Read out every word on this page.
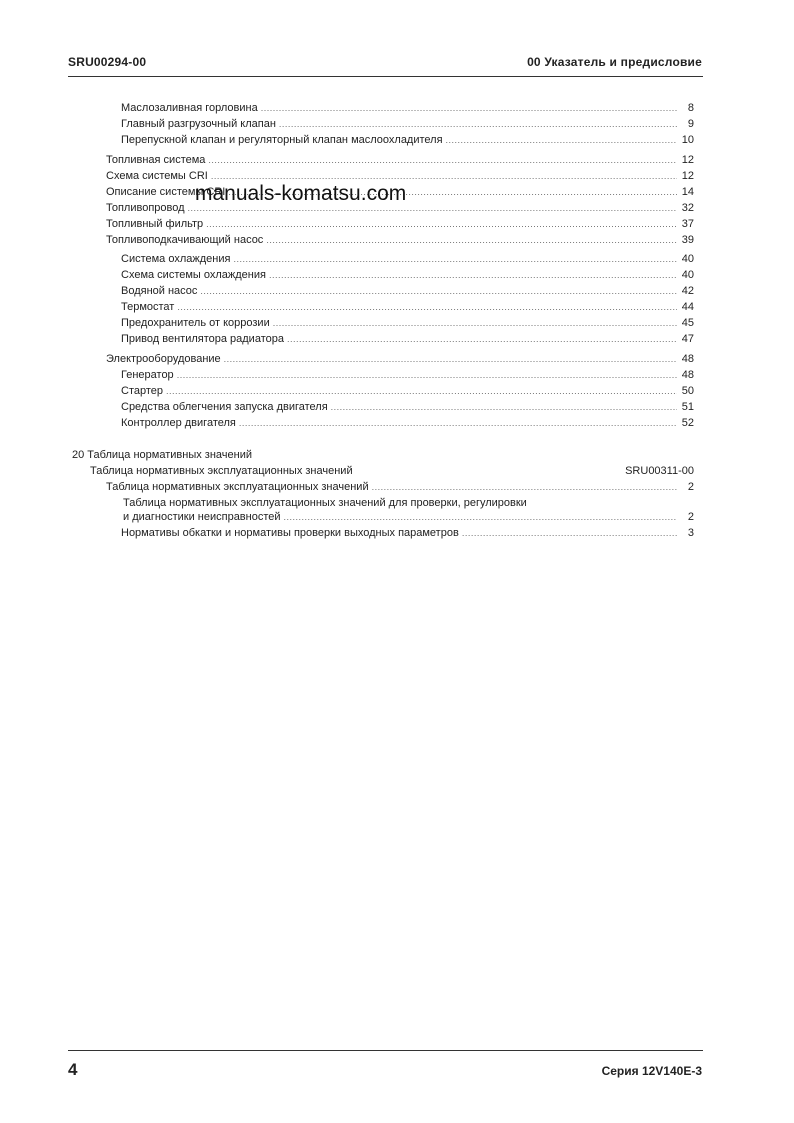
SRU00294-00	00 Указатель и предисловие
Маслозаливная горловина .....	8
Главный разгрузочный клапан .....	9
Перепускной клапан и регуляторный клапан маслоохладителя .....	10
Топливная система .....	12
Схема системы CRI .....	12
Описание системы CRI .....	14
Топливопровод .....	32
Топливный фильтр .....	37
Топливоподкачивающий насос .....	39
Система охлаждения .....	40
Схема системы охлаждения .....	40
Водяной насос .....	42
Термостат .....	44
Предохранитель от коррозии .....	45
Привод вентилятора радиатора .....	47
Электрооборудование .....	48
Генератор .....	48
Стартер .....	50
Средства облегчения запуска двигателя .....	51
Контроллер двигателя .....	52
20 Таблица нормативных значений
Таблица нормативных эксплуатационных значений	SRU00311-00
Таблица нормативных эксплуатационных значений .....	2
Таблица нормативных эксплуатационных значений для проверки, регулировки
и диагностики неисправностей .....	2
Нормативы обкатки и нормативы проверки выходных параметров .....	3
manuals-komatsu.com
4	Серия 12V140E-3
